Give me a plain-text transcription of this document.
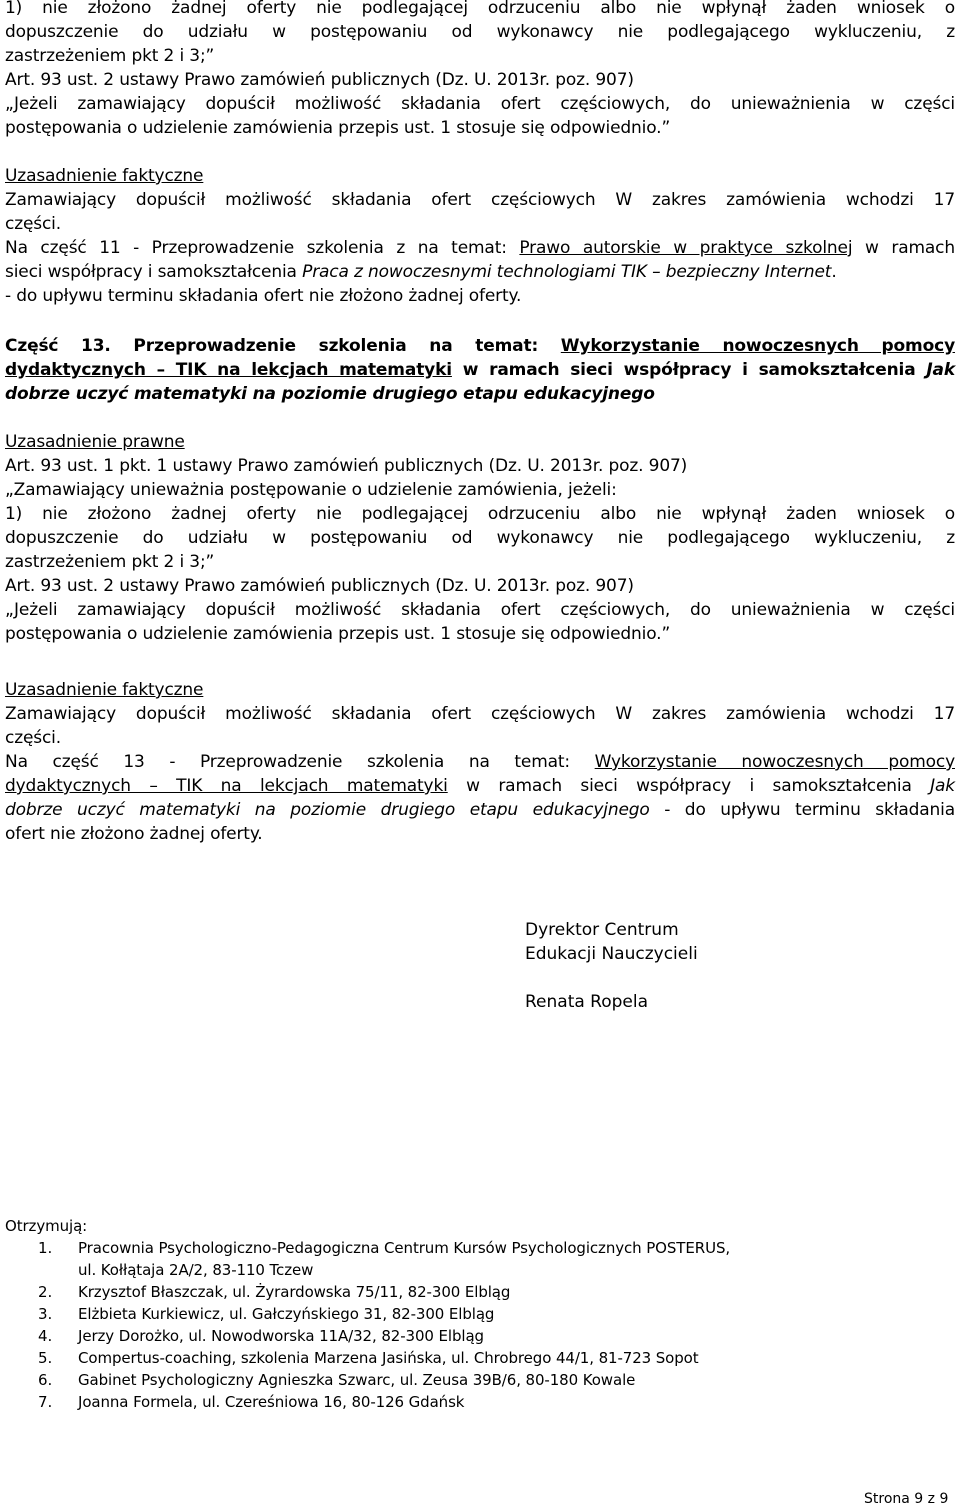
1) nie złożono żadnej oferty nie podlegającej odrzuceniu albo nie wpłynął żaden wniosek o
dopuszczenie do udziału w postępowaniu od wykonawcy nie podlegającego wykluczeniu, z
zastrzeżeniem pkt 2 i 3;”
Art. 93 ust. 2 ustawy Prawo zamówień publicznych (Dz. U. 2013r. poz. 907)
„Jeżeli zamawiający dopuścił możliwość składania ofert częściowych, do unieważnienia w części
postępowania o udzielenie zamówienia przepis ust. 1 stosuje się odpowiednio.”
Uzasadnienie faktyczne
Zamawiający dopuścił możliwość składania ofert częściowych W zakres zamówienia wchodzi 17
części.
Na część 11 - Przeprowadzenie szkolenia z na temat: Prawo autorskie w praktyce szkolnej w ramach
sieci współpracy i samokształcenia Praca z nowoczesnymi technologiami TIK – bezpieczny Internet.
- do upływu terminu składania ofert nie złożono żadnej oferty.
Część 13. Przeprowadzenie szkolenia na temat: Wykorzystanie nowoczesnych pomocy
dydaktycznych – TIK na lekcjach matematyki w ramach sieci współpracy i samokształcenia Jak
dobrze uczyć matematyki na poziomie drugiego etapu edukacyjnego
Uzasadnienie prawne
Art. 93 ust. 1 pkt. 1 ustawy Prawo zamówień publicznych (Dz. U. 2013r. poz. 907)
„Zamawiający unieważnia postępowanie o udzielenie zamówienia, jeżeli:
1) nie złożono żadnej oferty nie podlegającej odrzuceniu albo nie wpłynął żaden wniosek o
dopuszczenie do udziału w postępowaniu od wykonawcy nie podlegającego wykluczeniu, z
zastrzeżeniem pkt 2 i 3;”
Art. 93 ust. 2 ustawy Prawo zamówień publicznych (Dz. U. 2013r. poz. 907)
„Jeżeli zamawiający dopuścił możliwość składania ofert częściowych, do unieważnienia w części
postępowania o udzielenie zamówienia przepis ust. 1 stosuje się odpowiednio.”
Uzasadnienie faktyczne
Zamawiający dopuścił możliwość składania ofert częściowych W zakres zamówienia wchodzi 17
części.
Na część 13 - Przeprowadzenie szkolenia na temat: Wykorzystanie nowoczesnych pomocy
dydaktycznych – TIK na lekcjach matematyki w ramach sieci współpracy i samokształcenia Jak
dobrze uczyć matematyki na poziomie drugiego etapu edukacyjnego - do upływu terminu składania
ofert nie złożono żadnej oferty.
Dyrektor Centrum
Edukacji Nauczycieli
Renata Ropela
Otrzymują:
1. Pracownia Psychologiczno-Pedagogiczna Centrum Kursów Psychologicznych POSTERUS,
ul. Kołłątaja 2A/2, 83-110 Tczew
2. Krzysztof Błaszczak, ul. Żyrardowska 75/11, 82-300 Elbląg
3. Elżbieta Kurkiewicz, ul. Gałczyńskiego 31, 82-300 Elbląg
4. Jerzy Dorożko, ul. Nowodworska 11A/32, 82-300 Elbląg
5. Compertus-coaching, szkolenia Marzena Jasińska, ul. Chrobrego 44/1, 81-723 Sopot
6. Gabinet Psychologiczny Agnieszka Szwarc, ul. Zeusa 39B/6, 80-180 Kowale
7. Joanna Formela, ul. Czereśniowa 16, 80-126 Gdańsk
Strona 9 z 9
